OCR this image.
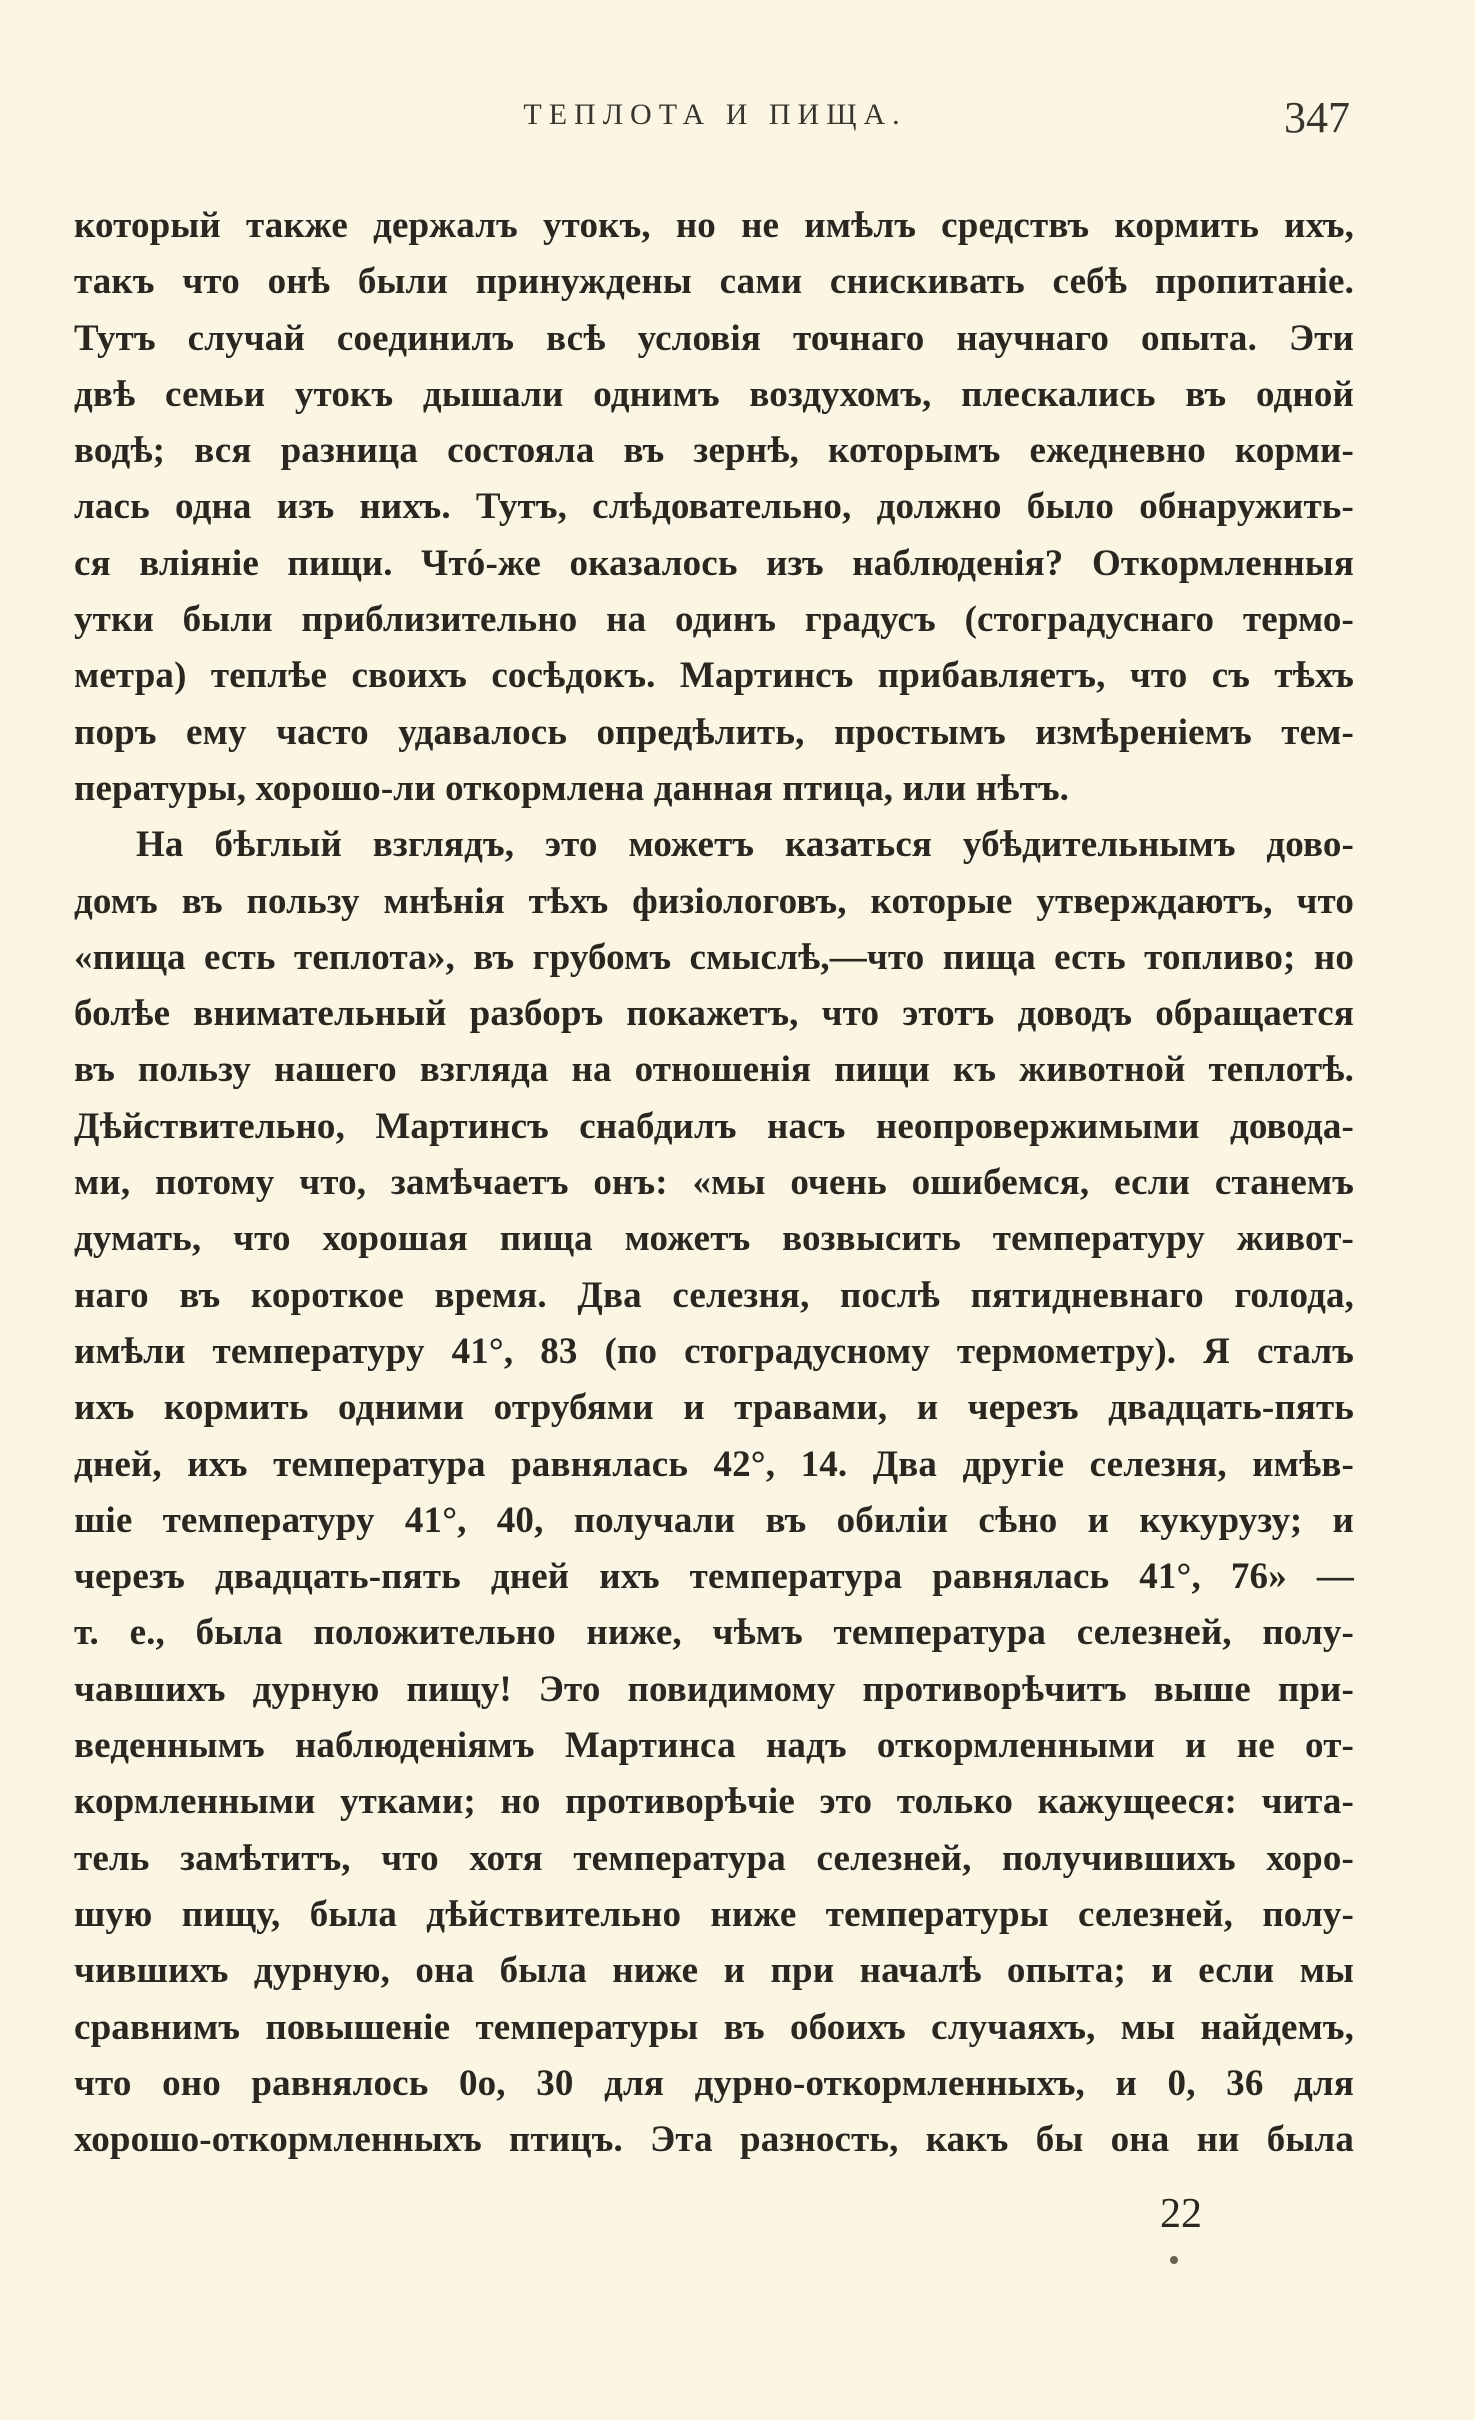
ТЕПЛОТА И ПИЩА.	347
который также держалъ утокъ, но не имѣлъ средствъ кормить ихъ,
такъ что онѣ были принуждены сами снискивать себѣ пропитаніе.
Тутъ случай соединилъ всѣ условія точнаго научнаго опыта. Эти
двѣ семьи утокъ дышали однимъ воздухомъ, плескались въ одной
водѣ; вся разница состояла въ зернѣ, которымъ ежедневно корми-
лась одна изъ нихъ. Тутъ, слѣдовательно, должно было обнаружить-
ся вліяніе пищи. Чтó-же оказалось изъ наблюденія? Откормленныя
утки были приблизительно на одинъ градусъ (стоградуснаго термо-
метра) теплѣе своихъ сосѣдокъ. Мартинсъ прибавляетъ, что съ тѣхъ
поръ ему часто удавалось опредѣлить, простымъ измѣреніемъ тем-
пературы, хорошо-ли откормлена данная птица, или нѣтъ.
На бѣглый взглядъ, это можетъ казаться убѣдительнымъ дово-
домъ въ пользу мнѣнія тѣхъ физіологовъ, которые утверждаютъ, что
«пища есть теплота», въ грубомъ смыслѣ,—что пища есть топливо; но
болѣе внимательный разборъ покажетъ, что этотъ доводъ обращается
въ пользу нашего взгляда на отношенія пищи къ животной теплотѣ.
Дѣйствительно, Мартинсъ снабдилъ насъ неопровержимыми довода-
ми, потому что, замѣчаетъ онъ: «мы очень ошибемся, если станемъ
думать, что хорошая пища можетъ возвысить температуру живот-
наго въ короткое время. Два селезня, послѣ пятидневнаго голода,
имѣли температуру 41°, 83 (по стоградусному термометру). Я сталъ
ихъ кормить одними отрубями и травами, и черезъ двадцать-пять
дней, ихъ температура равнялась 42°, 14. Два другіе селезня, имѣв-
шіе температуру 41°, 40, получали въ обиліи сѣно и кукурузу; и
черезъ двадцать-пять дней ихъ температура равнялась 41°, 76» —
т. е., была положительно ниже, чѣмъ температура селезней, полу-
чавшихъ дурную пищу! Это повидимому противорѣчитъ выше при-
веденнымъ наблюденіямъ Мартинса надъ откормленными и не от-
кормленными утками; но противорѣчіе это только кажущееся: чита-
тель замѣтитъ, что хотя температура селезней, получившихъ хоро-
шую пищу, была дѣйствительно ниже температуры селезней, полу-
чившихъ дурную, она была ниже и при началѣ опыта; и если мы
сравнимъ повышеніе температуры въ обоихъ случаяхъ, мы найдемъ,
что оно равнялось 0о, 30 для дурно-откормленныхъ, и 0, 36 для
хорошо-откормленныхъ птицъ. Эта разность, какъ бы она ни была
22
